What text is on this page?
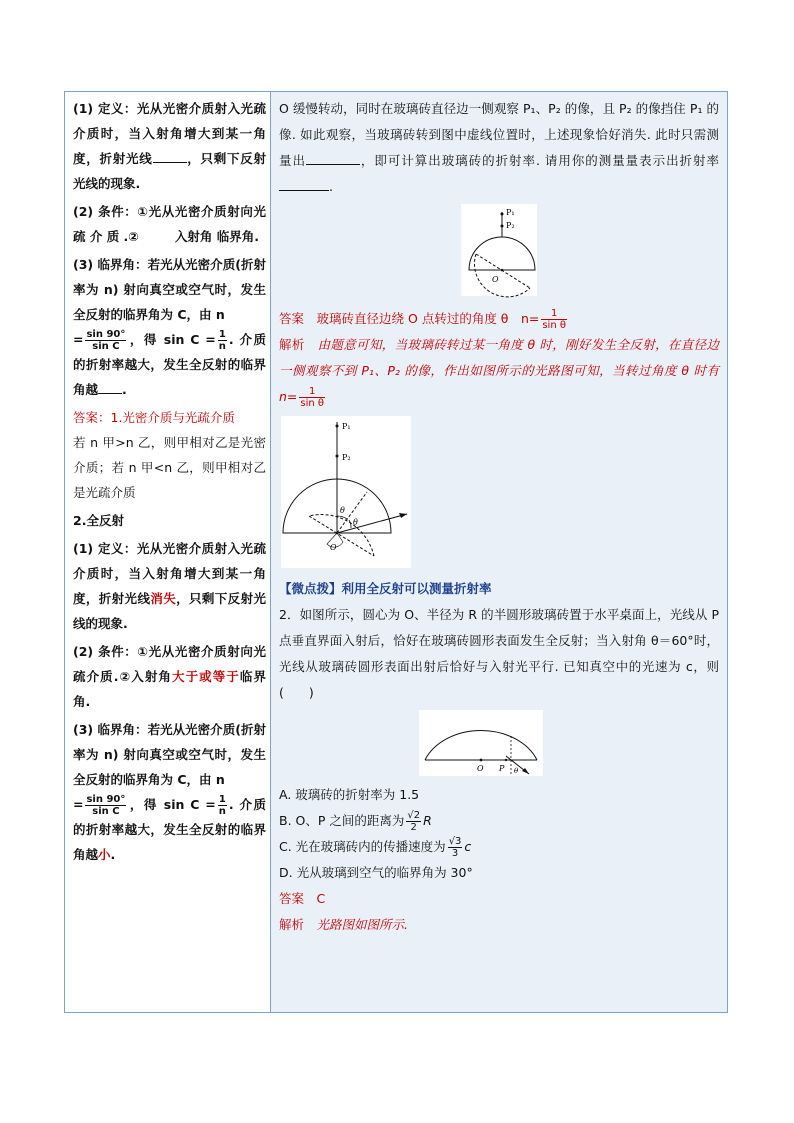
(1) 定义：光从光密介质射入光疏介质时，当入射角增大到某一角度，折射光线	，只剩下反射光线的现象.

(2) 条件：①光从光密介质射向光 疏 介 质 .②	入射角 临界角.

(3) 临界角：若光从光密介质(折射率为 n) 射向真空或空气时，发生全反射的临界角为 C，由 n
= $\frac{\sin 90^\circ}{\text{sin C}}$ ，得 $\sin C = \frac{1}{n}$ . 介质的折射率越大，发生全反射的临界角越 .

答案：1.光密介质与光疏介质

若 n 甲>n 乙，则甲相对乙是光密介质；若 n 甲<n 乙，则甲相对乙是光疏介质

2.全反射

(1) 定义：光从光密介质射入光疏介质时，当入射角增大到某一角度，折射光线消失，只剩下反射光线的现象.

(2) 条件：①光从光密介质射向光疏介质.②入射角大于或等于临界角.

(3) 临界角：若光从光密介质(折射率为 n) 射向真空或空气时，发生全反射的临界角为 C，由 n
= $\frac{\sin 90^\circ}{\text{sin C}}$ ，得 $\sin C = \frac{1}{n}$ . 介质的折射率越大，发生全反射的临界角越小.

O 缓慢转动，同时在玻璃砖直径边一侧观察 P₁、P₂ 的像，且 P₂ 的像挡住 P₁ 的像. 如此观察，当玻璃砖转到图中虚线位置时，上述现象恰好消失. 此时只需测量出	，即可计算出玻璃砖的折射率. 请用你的测量量表示出折射率.

P₁
P₂
O

答案　 玻璃砖直径边绕 O 点转过的角度 θ　$n= \frac{1}{\text{sin θ}}$

解析　 由题意可知，当玻璃砖转过某一角度 θ 时，刚好发生全反射，在直径边一侧观察不到 P₁、P₂ 的像，作出如图所示的光路图可知，当转过角度 θ 时有 $n= \frac{1}{\text{sin θ}}$

P₁
P₂
θ
θ
O

【微点拨】利用全反射可以测量折射率

2．如图所示，圆心为 O、半径为 R 的半圆形玻璃砖置于水平桌面上，光线从 P 点垂直界面入射后，恰好在玻璃砖圆形表面发生全反射；当入射角 θ＝60°时，光线从玻璃砖圆形表面出射后恰好与入射光平行. 已知真空中的光速为 c，则(　　)

O P θ

A. 玻璃砖的折射率为 1.5

B. O、P 之间的距离为 $\frac{√2}{2}$ R

C. 光在玻璃砖内的传播速度为 $\frac{√3}{3}$ c

D. 光从玻璃到空气的临界角为 30°

答案　 C

解析　 光路图如图所示.
